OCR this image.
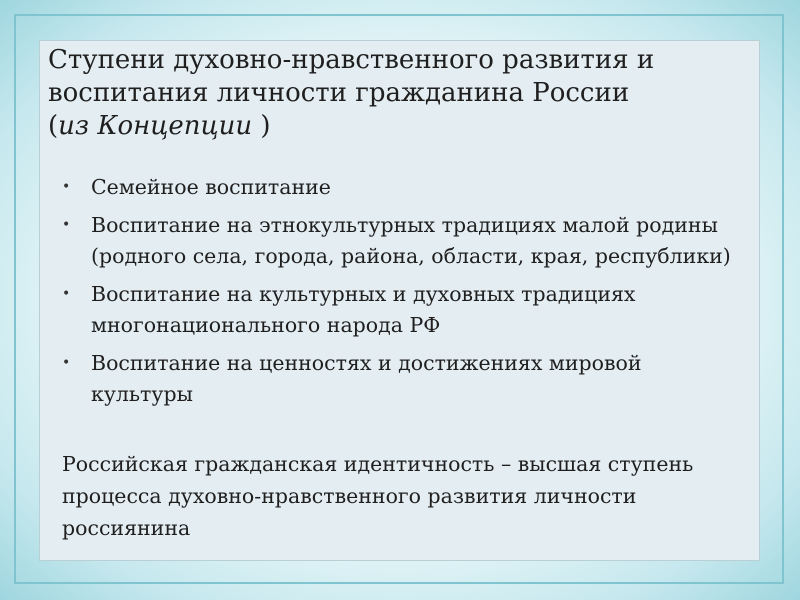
Ступени духовно-нравственного развития и
воспитания личности гражданина России
(из Концепции )
• Семейное воспитание
• Воспитание на этнокультурных традициях малой родины (родного села, города, района, области, края, республики)
• Воспитание на культурных и духовных традициях многонационального народа РФ
• Воспитание на ценностях и достижениях мировой культуры

Российская гражданская идентичность – высшая ступень процесса духовно-нравственного развития личности россиянина
